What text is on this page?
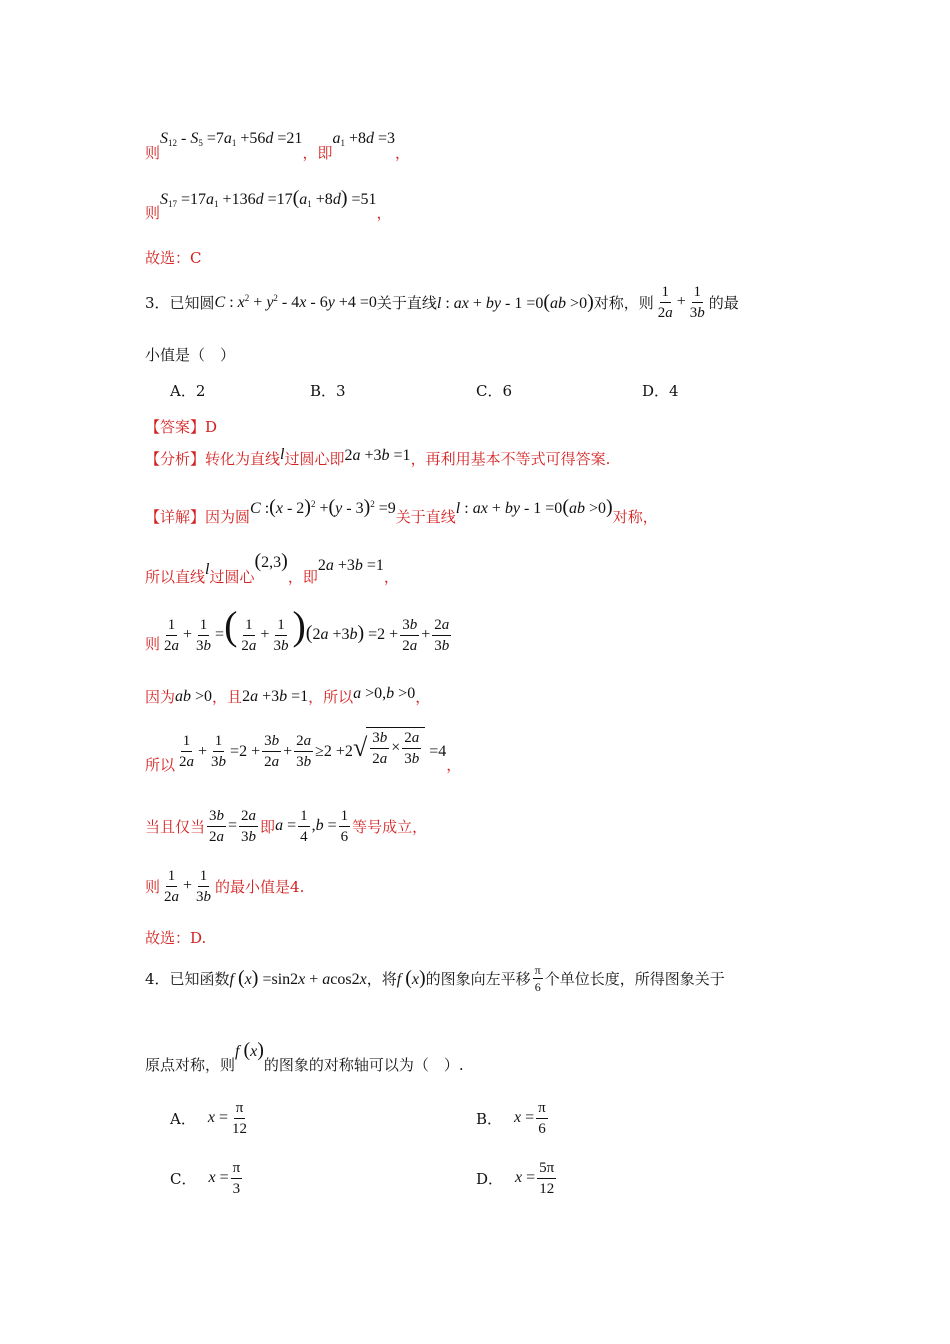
则
$S_{12} - S_5 =7a_1 +56d =21$
，即
$a_1 +8d =3$
，
则
$S_{17} =17a_1 +136d =17(a_1 +8d) =51$
，
故选：C
3．已知圆 C : $x^2 + y^2 - 4x - 6y +4 =0$ 关于直线 l : ax + by - 1 =0(ab >0) 对称，则 $\frac{1}{2a} + \frac{1}{3b}$ 的最
小值是（　）
A．2	B．3	C．6	D．4
【答案】 D
【分析】 转化为直线 l 过圆心即 2a +3b =1 ，再利用基本不等式可得答案.
【详解】 因为圆 C :(x - 2)$^2$ +(y - 3)$^2$ =9 关于直线 l : ax + by - 1 =0(ab >0) 对称，
所以直线 l 过圆心
(2,3)
，即
2a +3b =1
，
则 $\frac{1}{2a} + \frac{1}{3b}$ =( $\frac{1}{2a} + \frac{1}{3b} )(2a +3b) =2 + \frac{3b}{2a} + \frac{2a}{3b}$
因为 ab >0 ，且 2a +3b =1 ，所以 a >0,b >0 ，
所以 $\frac{1}{2a} + \frac{1}{3b} =2 + \frac{3b}{2a} + \frac{2a}{3b} \ge 2 +2$ √ $\frac{3b}{2a} \times \frac{2a}{3b} =4$
，
当且仅当 $\frac{3b}{2a} = \frac{2a}{3b}$ 即 $a = \frac{1}{4} ,b = \frac{1}{6}$ 等号成立，
则 $\frac{1}{2a} + \frac{1}{3b}$ 的最小值是4.
故选：D.
4．已知函数 f (x) =sin2x + acos2x ，将 f (x) 的图象向左平移 $\frac{\pi}{6}$ 个单位长度，所得图象关于
原点对称，则
f (x)
的图象的对称轴可以为（　）.
A． $x = \frac{\pi}{12}$	B． $x = \frac{\pi}{6}$
C． $x = \frac{\pi}{3}$	D． $x = \frac{5\pi}{12}$
